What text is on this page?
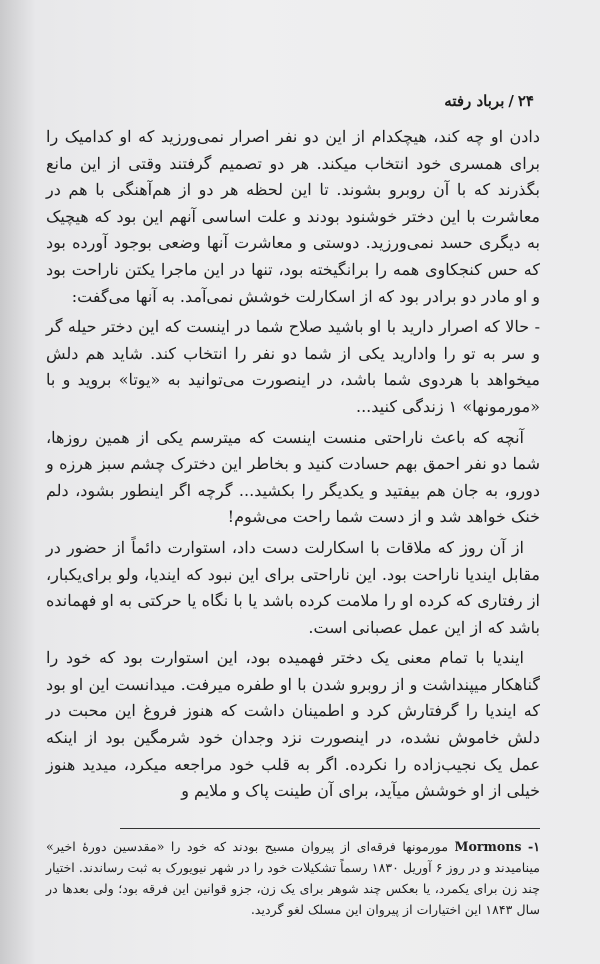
۲۴
/
برباد رفته

دادن او چه کند، هیچکدام از این دو نفر اصرار نمی‌ورزید که او کدامیک را برای همسری خود انتخاب میکند. هر دو تصمیم گرفتند وقتی از این مانع بگذرند که با آن روبرو بشوند. تا این لحظه هر دو از هم‌آهنگی با هم در معاشرت با این دختر خوشنود بودند و علت اساسی آنهم این بود که هیچیک به دیگری حسد نمی‌ورزید. دوستی و معاشرت آنها وضعی بوجود آورده بود که حس کنجکاوی همه را برانگیخته بود، تنها در این ماجرا یکتن ناراحت بود و او مادر دو برادر بود که از اسکارلت خوشش نمی‌آمد. به آنها می‌گفت:

- حالا که اصرار دارید با او باشید صلاح شما در اینست که این دختر حیله گر و سر به تو را وادارید یکی از شما دو نفر را انتخاب کند. شاید هم دلش میخواهد با هردوی شما باشد، در اینصورت می‌توانید به «یوتا» بروید و با «مورمونها» ۱ زندگی کنید...

آنچه که باعث ناراحتی منست اینست که میترسم یکی از همین روزها، شما دو نفر احمق بهم حسادت کنید و بخاطر این دخترک چشم سبز هرزه و دورو، به جان هم بیفتید و یکدیگر را بکشید... گرچه اگر اینطور بشود، دلم خنک خواهد شد و از دست شما راحت می‌شوم!

از آن روز که ملاقات با اسکارلت دست داد، استوارت دائماً از حضور در مقابل ایندیا ناراحت بود. این ناراحتی برای این نبود که ایندیا، ولو برای‌یکبار، از رفتاری که کرده او را ملامت کرده باشد یا با نگاه یا حرکتی به او فهمانده باشد که از این عمل عصبانی است.

ایندیا با تمام معنی یک دختر فهمیده بود، این استوارت بود که خود را گناهکار میپنداشت و از روبرو شدن با او طفره میرفت. میدانست این او بود که ایندیا را گرفتارش کرد و اطمینان داشت که هنوز فروغ این محبت در دلش خاموش نشده، در اینصورت نزد وجدان خود شرمگین بود از اینکه عمل یک نجیب‌زاده را نکرده. اگر به قلب خود مراجعه میکرد، میدید هنوز خیلی از او خوشش میآید، برای آن طینت پاک و ملایم و

۱- Mormons مورمونها فرقه‌ای از پیروان مسیح بودند که خود را «مقدسین دورهٔ اخیر» مینامیدند و در روز ۶ آوریل ۱۸۳۰ رسماً تشکیلات خود را در شهر نیویورک به ثبت رساندند. اختیار چند زن برای یکمرد، یا بعکس چند شوهر برای یک زن، جزو قوانین این فرقه بود؛ ولی بعدها در سال ۱۸۴۳ این اختیارات از پیروان این مسلک لغو گردید.
